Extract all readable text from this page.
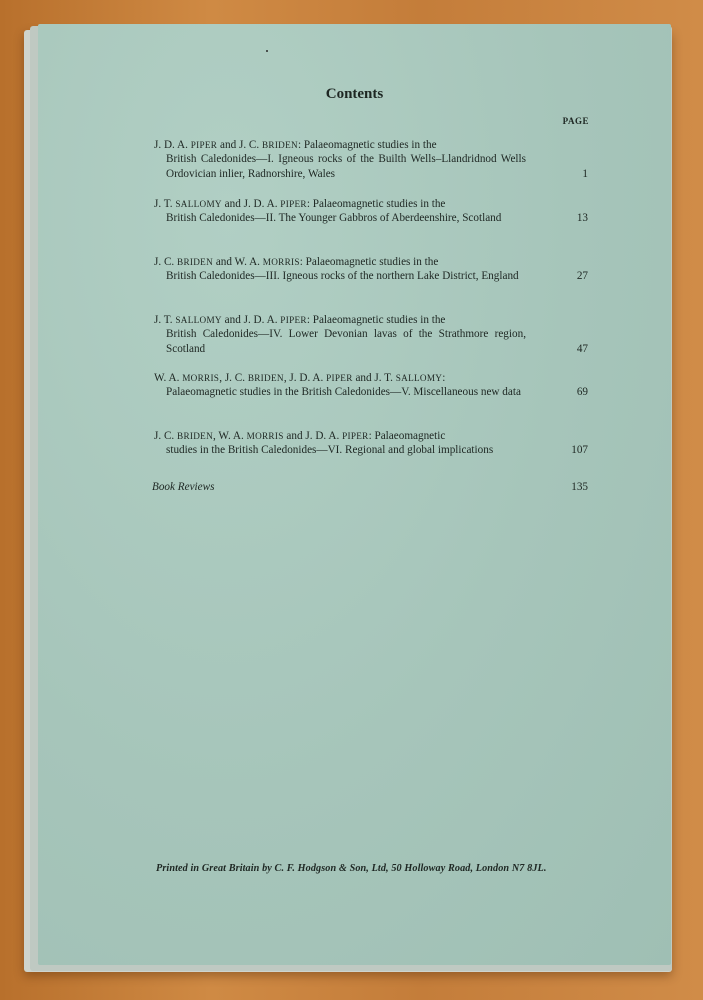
Contents
PAGE
J. D. A. PIPER and J. C. BRIDEN: Palaeomagnetic studies in the
British Caledonides—I. Igneous rocks of the Builth Wells–Llandridnod Wells Ordovician inlier, Radnorshire, Wales	1
J. T. SALLOMY and J. D. A. PIPER: Palaeomagnetic studies in the
British Caledonides—II. The Younger Gabbros of Aberdeenshire, Scotland	13
J. C. BRIDEN and W. A. MORRIS: Palaeomagnetic studies in the
British Caledonides—III. Igneous rocks of the northern Lake District, England	27
J. T. SALLOMY and J. D. A. PIPER: Palaeomagnetic studies in the
British Caledonides—IV. Lower Devonian lavas of the Strathmore region, Scotland	47
W. A. MORRIS, J. C. BRIDEN, J. D. A. PIPER and J. T. SALLOMY:
Palaeomagnetic studies in the British Caledonides—V. Miscellaneous new data	69
J. C. BRIDEN, W. A. MORRIS and J. D. A. PIPER: Palaeomagnetic
studies in the British Caledonides—VI. Regional and global implications	107
Book Reviews	135
Printed in Great Britain by C. F. Hodgson & Son, Ltd, 50 Holloway Road, London N7 8JL.
